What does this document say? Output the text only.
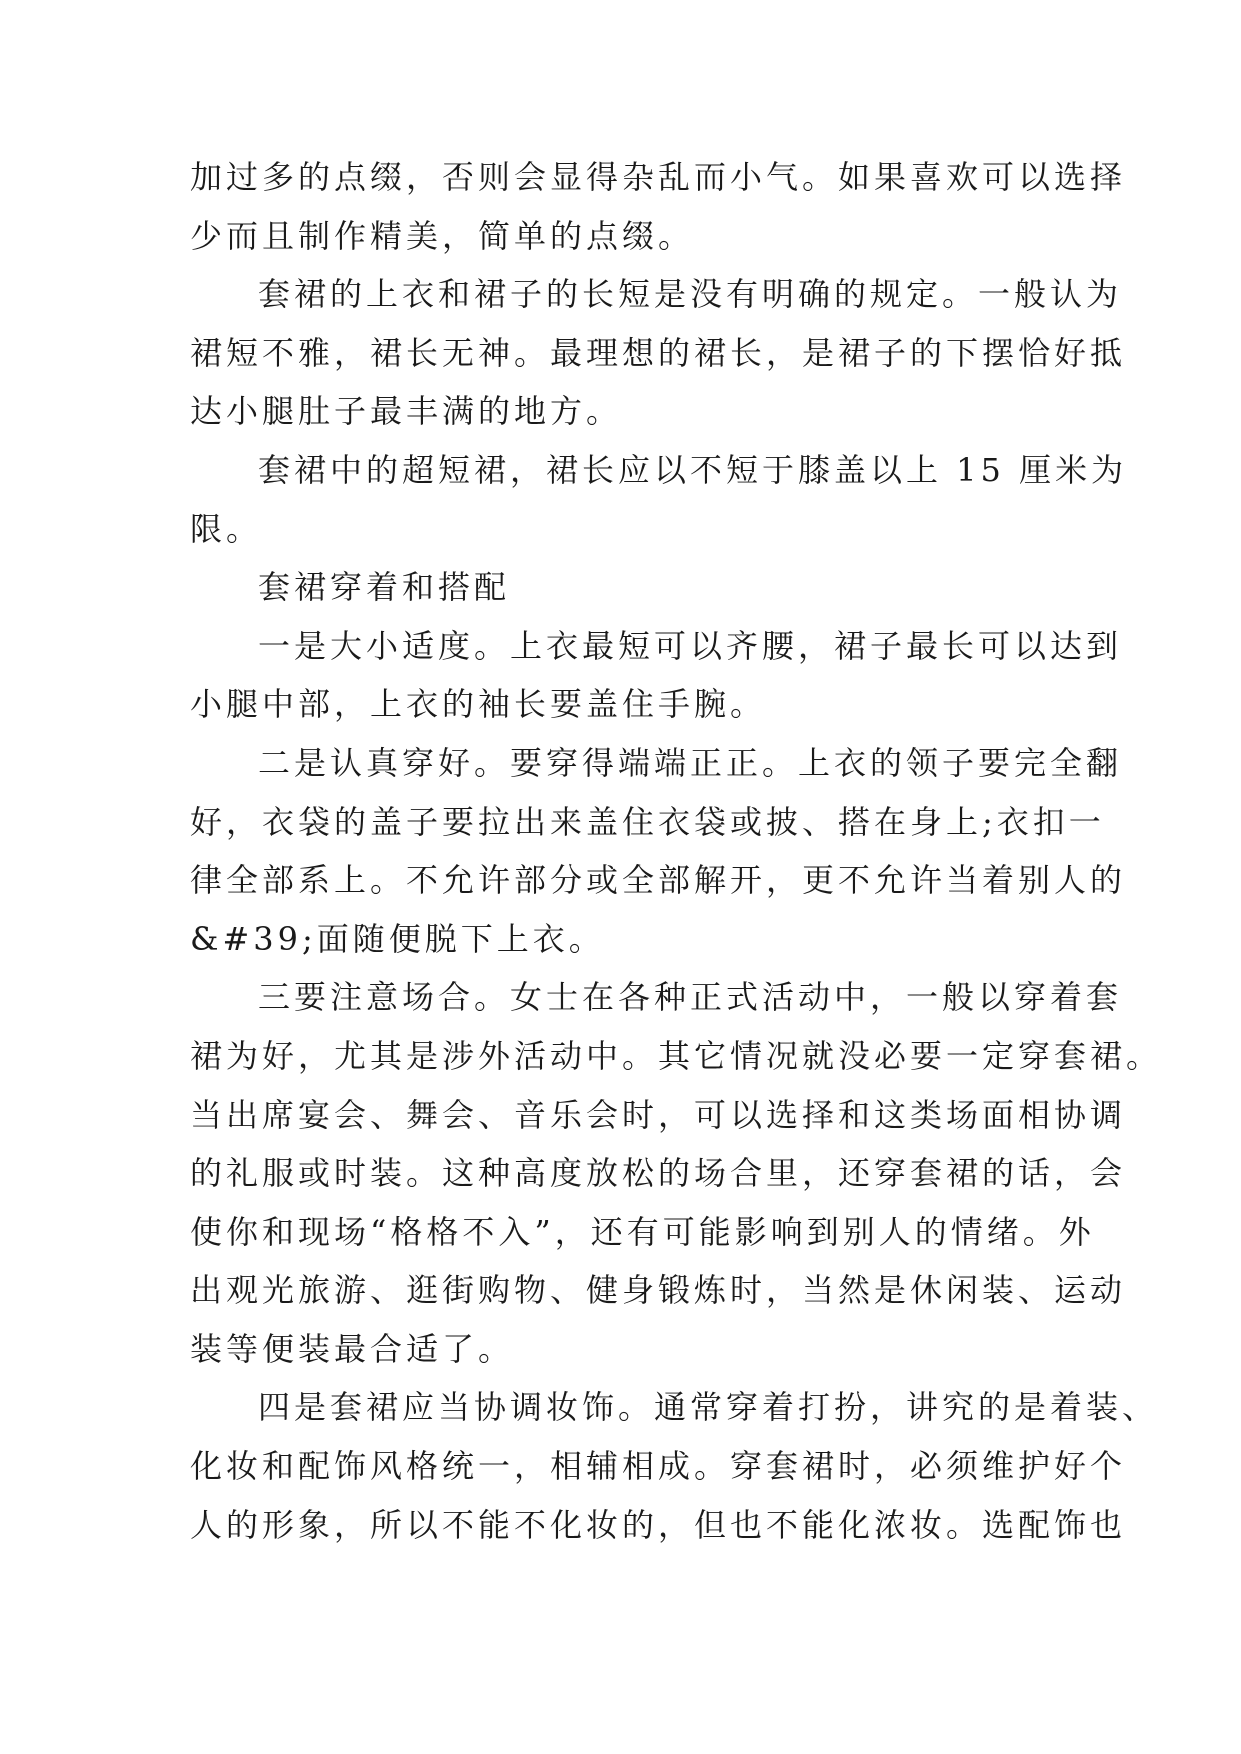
加过多的点缀，否则会显得杂乱而小气。如果喜欢可以选择
少而且制作精美，简单的点缀。
套裙的上衣和裙子的长短是没有明确的规定。一般认为
裙短不雅，裙长无神。最理想的裙长，是裙子的下摆恰好抵
达小腿肚子最丰满的地方。
套裙中的超短裙，裙长应以不短于膝盖以上 15 厘米为
限。
套裙穿着和搭配
一是大小适度。上衣最短可以齐腰，裙子最长可以达到
小腿中部，上衣的袖长要盖住手腕。
二是认真穿好。要穿得端端正正。上衣的领子要完全翻
好，衣袋的盖子要拉出来盖住衣袋或披、搭在身上;衣扣一
律全部系上。不允许部分或全部解开，更不允许当着别人的
&#39;面随便脱下上衣。
三要注意场合。女士在各种正式活动中，一般以穿着套
裙为好，尤其是涉外活动中。其它情况就没必要一定穿套裙。
当出席宴会、舞会、音乐会时，可以选择和这类场面相协调
的礼服或时装。这种高度放松的场合里，还穿套裙的话，会
使你和现场“格格不入”，还有可能影响到别人的情绪。外
出观光旅游、逛街购物、健身锻炼时，当然是休闲装、运动
装等便装最合适了。
四是套裙应当协调妆饰。通常穿着打扮，讲究的是着装、
化妆和配饰风格统一，相辅相成。穿套裙时，必须维护好个
人的形象，所以不能不化妆的，但也不能化浓妆。选配饰也
